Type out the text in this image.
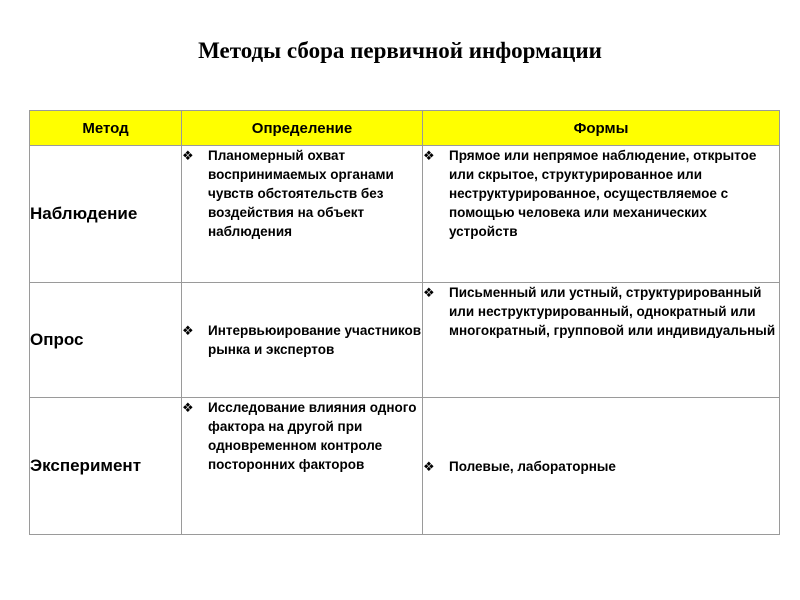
Методы сбора первичной информации
Метод	Определение	Формы
Наблюдение	❖ Планомерный охват воспринимаемых органами чувств обстоятельств без воздействия на объект наблюдения	❖ Прямое или непрямое наблюдение, открытое или скрытое, структурированное или неструктурированное, осуществляемое с помощью человека или механических устройств

Опрос	❖ Интервьюирование участников рынка и экспертов	❖ Письменный или устный, структурированный или неструктурированный, однократный или многократный, групповой или индивидуальный

Эксперимент	❖ Исследование влияния одного фактора на другой при одновременном контроле посторонних факторов	❖ Полевые, лабораторные
